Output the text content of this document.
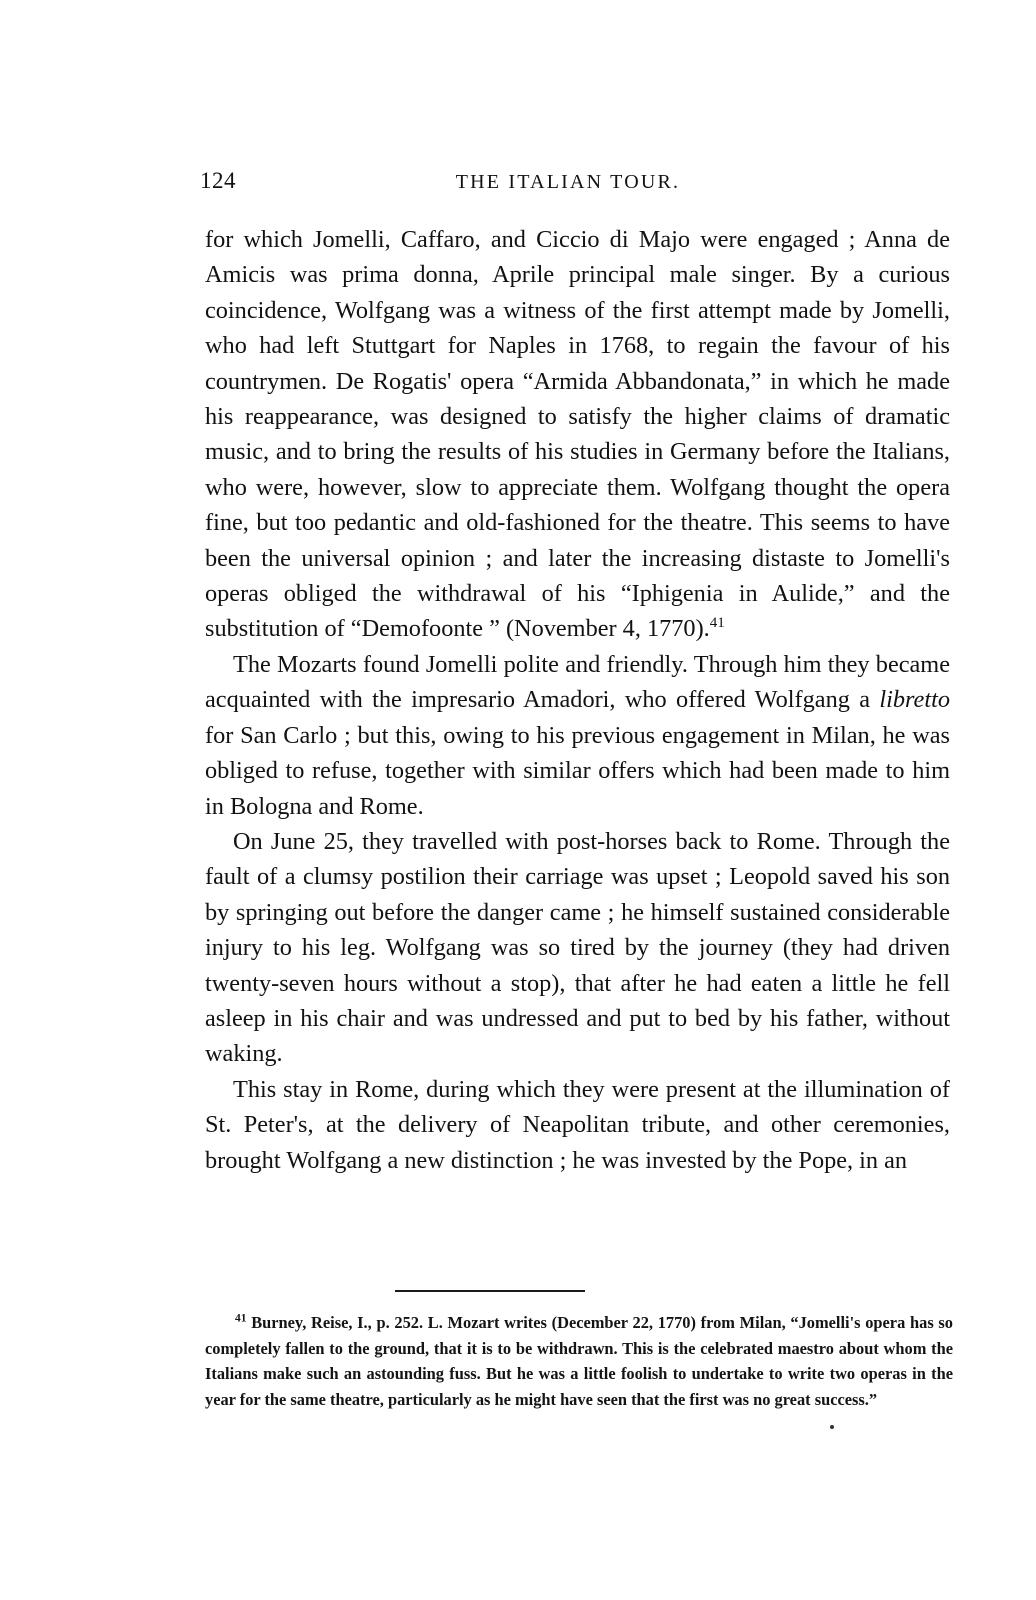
124	THE ITALIAN TOUR.

for which Jomelli, Caffaro, and Ciccio di Majo were engaged ; Anna de Amicis was prima donna, Aprile principal male singer. By a curious coincidence, Wolfgang was a witness of the first attempt made by Jomelli, who had left Stuttgart for Naples in 1768, to regain the favour of his countrymen. De Rogatis' opera “Armida Abbandonata,” in which he made his reappearance, was designed to satisfy the higher claims of dramatic music, and to bring the results of his studies in Germany before the Italians, who were, however, slow to appreciate them. Wolfgang thought the opera fine, but too pedantic and old-fashioned for the theatre. This seems to have been the universal opinion ; and later the increasing distaste to Jomelli's operas obliged the withdrawal of his “Iphigenia in Aulide,” and the substitution of “Demofoonte ” (November 4, 1770).$^{41}$

The Mozarts found Jomelli polite and friendly. Through him they became acquainted with the impresario Amadori, who offered Wolfgang a libretto for San Carlo ; but this, owing to his previous engagement in Milan, he was obliged to refuse, together with similar offers which had been made to him in Bologna and Rome.

On June 25, they travelled with post-horses back to Rome. Through the fault of a clumsy postilion their carriage was upset ; Leopold saved his son by springing out before the danger came ; he himself sustained considerable injury to his leg. Wolfgang was so tired by the journey (they had driven twenty-seven hours without a stop), that after he had eaten a little he fell asleep in his chair and was undressed and put to bed by his father, without waking.

This stay in Rome, during which they were present at the illumination of St. Peter's, at the delivery of Neapolitan tribute, and other ceremonies, brought Wolfgang a new distinction ; he was invested by the Pope, in an

$^{41}$ Burney, Reise, I., p. 252. L. Mozart writes (December 22, 1770) from Milan, “Jomelli's opera has so completely fallen to the ground, that it is to be withdrawn. This is the celebrated maestro about whom the Italians make such an astounding fuss. But he was a little foolish to undertake to write two operas in the year for the same theatre, particularly as he might have seen that the first was no great success.”
